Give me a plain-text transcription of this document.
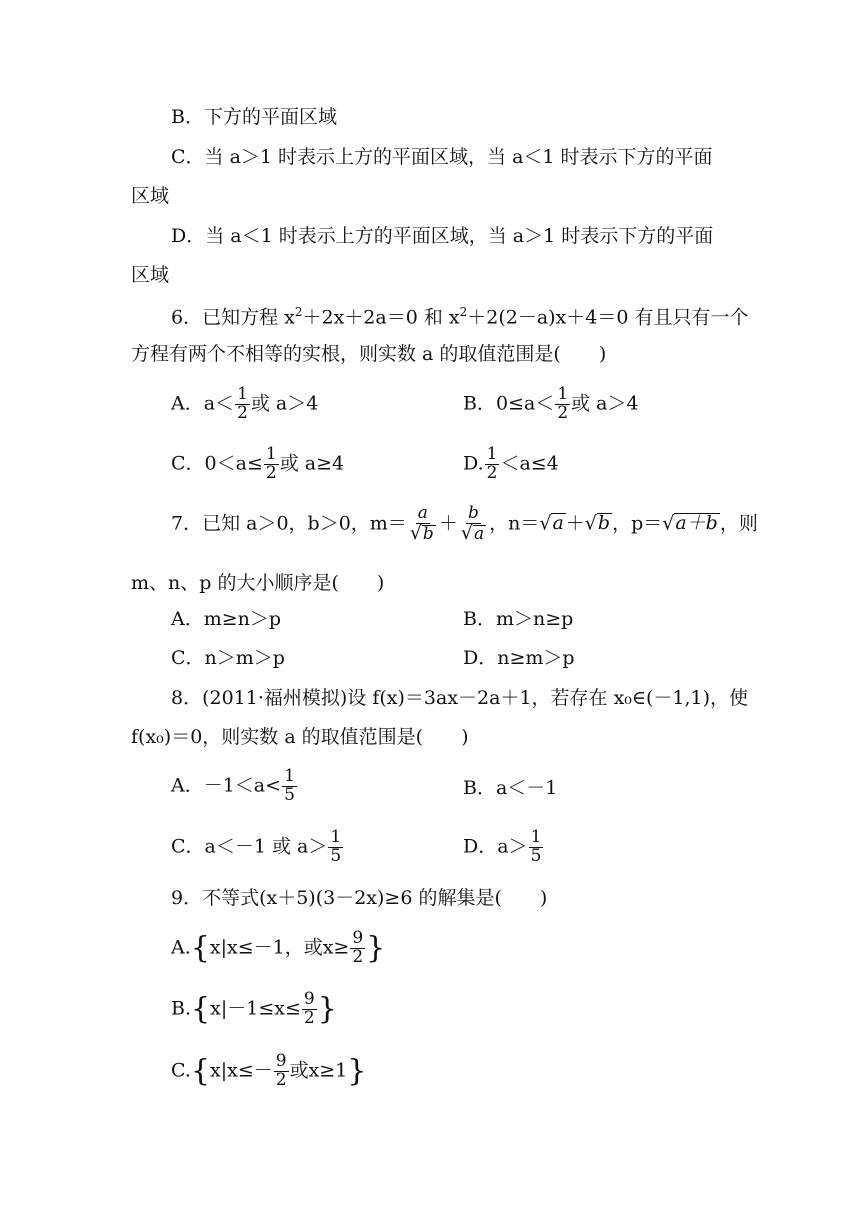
B．下方的平面区域
C．当 a＞1 时表示上方的平面区域，当 a＜1 时表示下方的平面
区域
D．当 a＜1 时表示上方的平面区域，当 a＞1 时表示下方的平面
区域
6．已知方程 $x^2+2x+2a=0$ 和 $x^2+2(2-a)x+4=0$ 有且只有一个
方程有两个不相等的实根，则实数 a 的取值范围是(　　)
A．$a< \frac{1}{2}$ 或 a＞4	B．$0\le a< \frac{1}{2}$ 或 a＞4
C．$0<a\le \frac{1}{2}$ 或 a≥4	D. $\frac{1}{2} <a\le 4$
7．已知 a＞0，b＞0，$m= \frac{a}{√b} + \frac{b}{√a}$ ，n＝√a ＋√b ，p＝√a＋b ，则
m、n、p 的大小顺序是(　　)
A．m≥n＞p	B．m＞n≥p
C．n＞m＞p	D．n≥m＞p
8．(2011·福州模拟)设 f(x)＝3ax－2a＋1，若存在 x₀∈(－1,1)，使
f(x₀)＝0，则实数 a 的取值范围是(　　)
A．$-1<a< \frac{1}{5}$	B．a＜－1
C．a＜－1 或 $a> \frac{1}{5}$	D．$a> \frac{1}{5}$
9．不等式(x＋5)(3－2x)≥6 的解集是(　　)
A.{x|x≤－1，或$x\ge \frac{9}{2}$ }
$B.\{x|-1\le x\le \frac{9}{2}$ }
$C.\{x|x\le- \frac{9}{2}$ 或x≥1}
